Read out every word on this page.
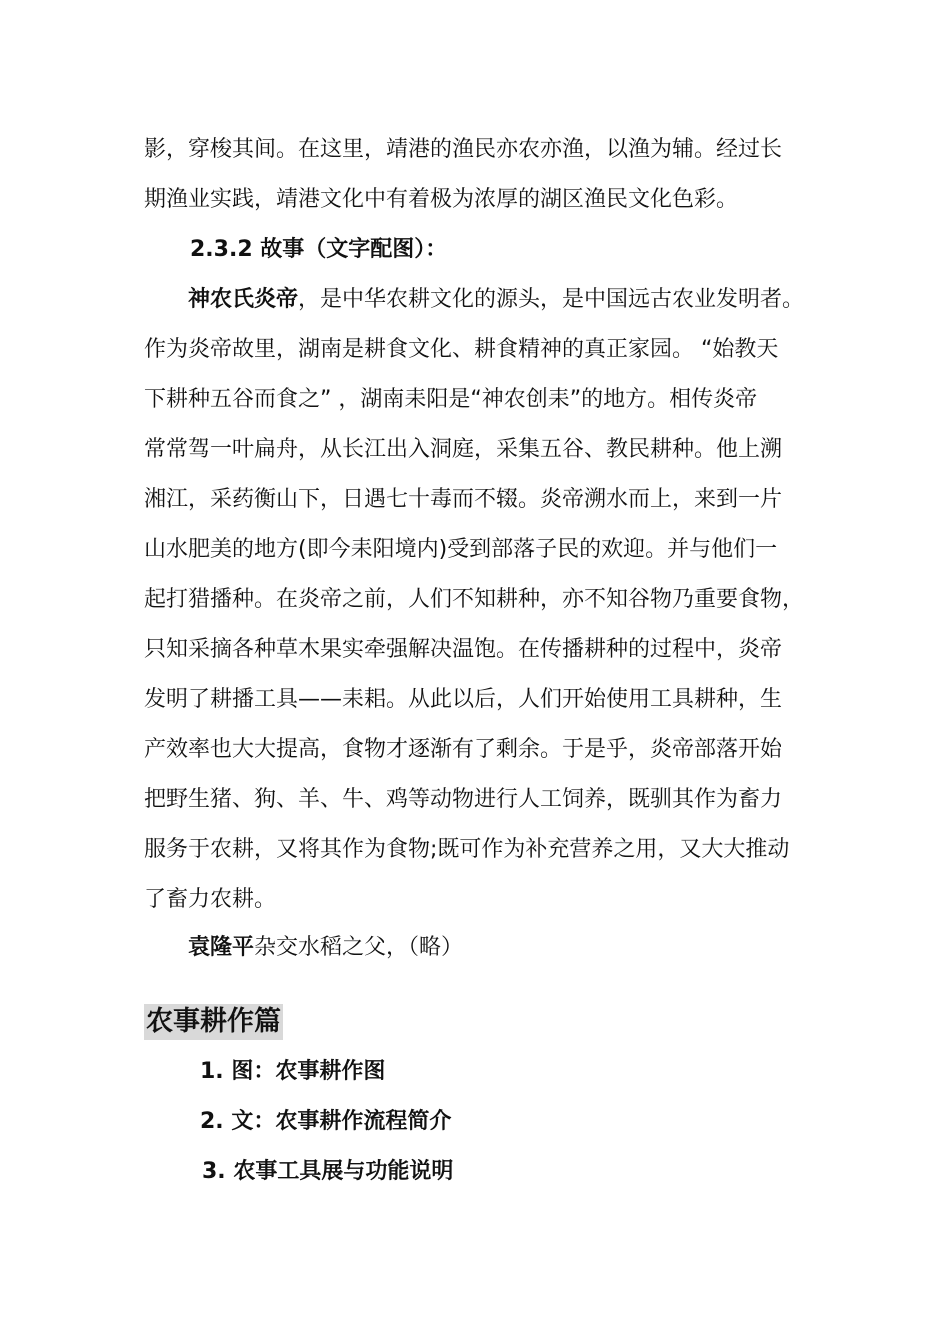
影，穿梭其间。在这里，靖港的渔民亦农亦渔，以渔为辅。经过长
期渔业实践，靖港文化中有着极为浓厚的湖区渔民文化色彩。
2.3.2 故事（文字配图）：
神农氏炎帝，是中华农耕文化的源头，是中国远古农业发明者。
作为炎帝故里，湖南是耕食文化、耕食精神的真正家园。 “始教天
下耕种五谷而食之” ，湖南耒阳是“神农创耒”的地方。相传炎帝
常常驾一叶扁舟，从长江出入洞庭，采集五谷、教民耕种。他上溯
湘江，采药衡山下，日遇七十毒而不辍。炎帝溯水而上，来到一片
山水肥美的地方(即今耒阳境内)受到部落子民的欢迎。并与他们一
起打猎播种。在炎帝之前，人们不知耕种，亦不知谷物乃重要食物，
只知采摘各种草木果实牵强解决温饱。在传播耕种的过程中，炎帝
发明了耕播工具——耒耜。从此以后，人们开始使用工具耕种，生
产效率也大大提高，食物才逐渐有了剩余。于是乎，炎帝部落开始
把野生猪、狗、羊、牛、鸡等动物进行人工饲养，既驯其作为畜力
服务于农耕，又将其作为食物;既可作为补充营养之用，又大大推动
了畜力农耕。
袁隆平杂交水稻之父，（略）
农事耕作篇
1. 图：农事耕作图
2. 文：农事耕作流程简介
3. 农事工具展与功能说明
